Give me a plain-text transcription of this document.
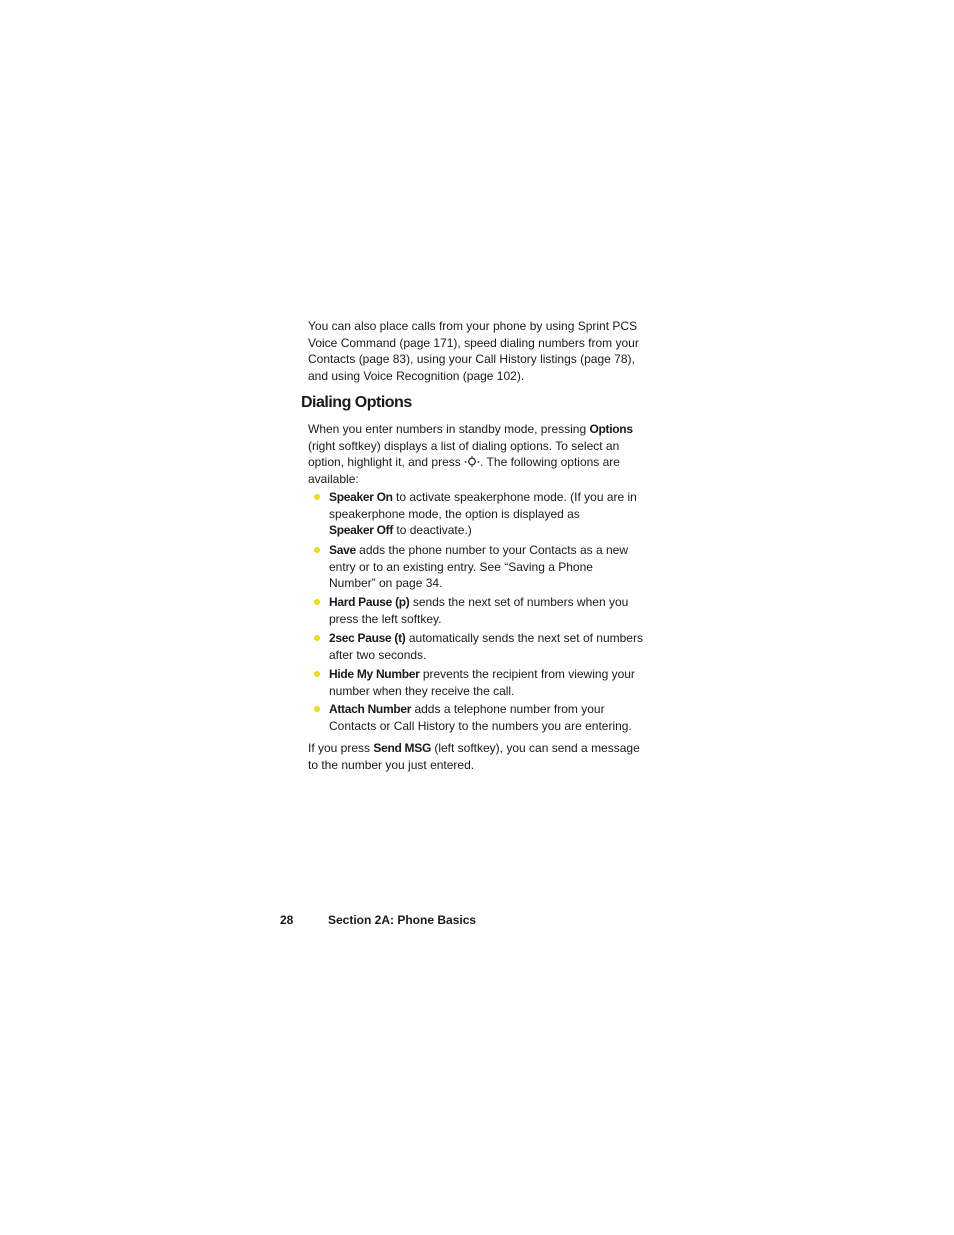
You can also place calls from your phone by using Sprint PCS
Voice Command (page 171), speed dialing numbers from your
Contacts (page 83), using your Call History listings (page 78),
and using Voice Recognition (page 102).
Dialing Options
When you enter numbers in standby mode, pressing Options
(right softkey) displays a list of dialing options. To select an
option, highlight it, and press . The following options are
available:
Speaker On to activate speakerphone mode. (If you are in
speakerphone mode, the option is displayed as
Speaker Off to deactivate.)
Save adds the phone number to your Contacts as a new
entry or to an existing entry. See “Saving a Phone
Number” on page 34.
Hard Pause (p) sends the next set of numbers when you
press the left softkey.
2sec Pause (t) automatically sends the next set of numbers
after two seconds.
Hide My Number prevents the recipient from viewing your
number when they receive the call.
Attach Number adds a telephone number from your
Contacts or Call History to the numbers you are entering.
If you press Send MSG (left softkey), you can send a message
to the number you just entered.
28	Section 2A: Phone Basics
